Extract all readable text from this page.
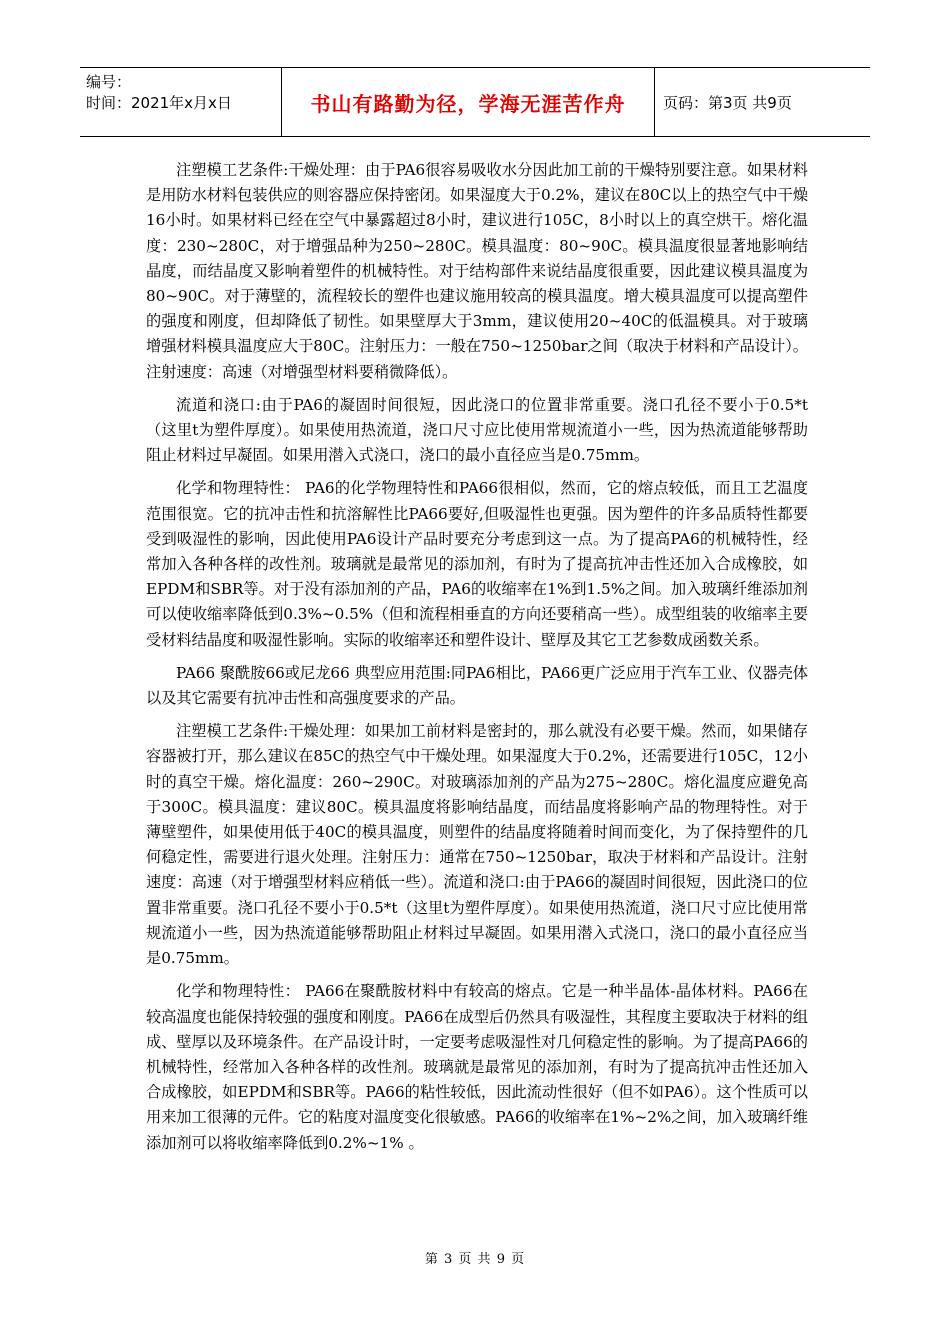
编号：
时间：2021年x月x日	书山有路勤为径，学海无涯苦作舟	页码：第3页 共9页

注塑模工艺条件:干燥处理：由于PA6很容易吸收水分因此加工前的干燥特别要注意。如果材料是用防水材料包装供应的则容器应保持密闭。如果湿度大于0.2%，建议在80C以上的热空气中干燥16小时。如果材料已经在空气中暴露超过8小时，建议进行105C，8小时以上的真空烘干。熔化温度：230~280C，对于增强品种为250~280C。模具温度：80~90C。模具温度很显著地影响结晶度，而结晶度又影响着塑件的机械特性。对于结构部件来说结晶度很重要，因此建议模具温度为80~90C。对于薄壁的，流程较长的塑件也建议施用较高的模具温度。增大模具温度可以提高塑件的强度和刚度，但却降低了韧性。如果壁厚大于3mm，建议使用20~40C的低温模具。对于玻璃增强材料模具温度应大于80C。注射压力：一般在750~1250bar之间（取决于材料和产品设计）。注射速度：高速（对增强型材料要稍微降低）。

流道和浇口:由于PA6的凝固时间很短，因此浇口的位置非常重要。浇口孔径不要小于0.5*t（这里t为塑件厚度）。如果使用热流道，浇口尺寸应比使用常规流道小一些，因为热流道能够帮助阻止材料过早凝固。如果用潜入式浇口，浇口的最小直径应当是0.75mm。

化学和物理特性： PA6的化学物理特性和PA66很相似，然而，它的熔点较低，而且工艺温度范围很宽。它的抗冲击性和抗溶解性比PA66要好,但吸湿性也更强。因为塑件的许多品质特性都要受到吸湿性的影响，因此使用PA6设计产品时要充分考虑到这一点。为了提高PA6的机械特性，经常加入各种各样的改性剂。玻璃就是最常见的添加剂，有时为了提高抗冲击性还加入合成橡胶，如EPDM和SBR等。对于没有添加剂的产品，PA6的收缩率在1%到1.5%之间。加入玻璃纤维添加剂可以使收缩率降低到0.3%~0.5%（但和流程相垂直的方向还要稍高一些）。成型组装的收缩率主要受材料结晶度和吸湿性影响。实际的收缩率还和塑件设计、壁厚及其它工艺参数成函数关系。

PA66 聚酰胺66或尼龙66 典型应用范围:同PA6相比，PA66更广泛应用于汽车工业、仪器壳体以及其它需要有抗冲击性和高强度要求的产品。

注塑模工艺条件:干燥处理：如果加工前材料是密封的，那么就没有必要干燥。然而，如果储存容器被打开，那么建议在85C的热空气中干燥处理。如果湿度大于0.2%，还需要进行105C，12小时的真空干燥。熔化温度：260~290C。对玻璃添加剂的产品为275~280C。熔化温度应避免高于300C。模具温度：建议80C。模具温度将影响结晶度，而结晶度将影响产品的物理特性。对于薄壁塑件，如果使用低于40C的模具温度，则塑件的结晶度将随着时间而变化，为了保持塑件的几何稳定性，需要进行退火处理。注射压力：通常在750~1250bar，取决于材料和产品设计。注射速度：高速（对于增强型材料应稍低一些）。流道和浇口:由于PA66的凝固时间很短，因此浇口的位置非常重要。浇口孔径不要小于0.5*t（这里t为塑件厚度）。如果使用热流道，浇口尺寸应比使用常规流道小一些，因为热流道能够帮助阻止材料过早凝固。如果用潜入式浇口，浇口的最小直径应当是0.75mm。

化学和物理特性： PA66在聚酰胺材料中有较高的熔点。它是一种半晶体-晶体材料。PA66在较高温度也能保持较强的强度和刚度。PA66在成型后仍然具有吸湿性，其程度主要取决于材料的组成、壁厚以及环境条件。在产品设计时，一定要考虑吸湿性对几何稳定性的影响。为了提高PA66的机械特性，经常加入各种各样的改性剂。玻璃就是最常见的添加剂，有时为了提高抗冲击性还加入合成橡胶，如EPDM和SBR等。PA66的粘性较低，因此流动性很好（但不如PA6）。这个性质可以用来加工很薄的元件。它的粘度对温度变化很敏感。PA66的收缩率在1%~2%之间，加入玻璃纤维添加剂可以将收缩率降低到0.2%~1% 。

第 3 页 共 9 页
